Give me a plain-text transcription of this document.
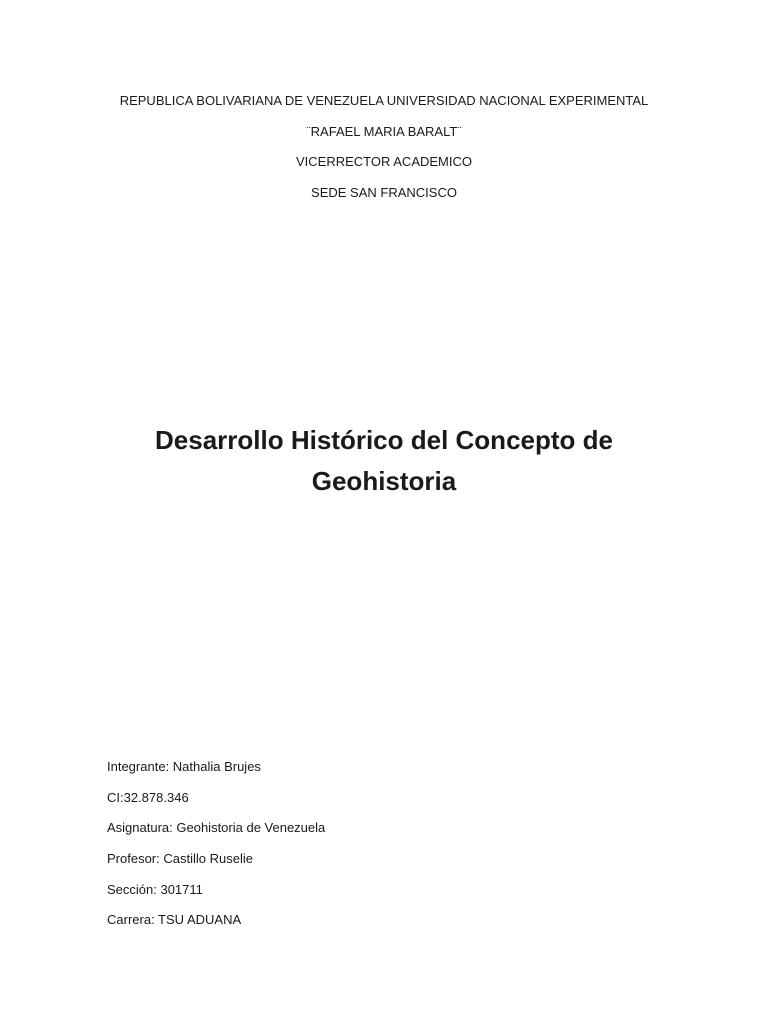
REPUBLICA BOLIVARIANA DE VENEZUELA UNIVERSIDAD NACIONAL EXPERIMENTAL
¨RAFAEL MARIA BARALT¨
VICERRECTOR ACADEMICO
SEDE SAN FRANCISCO
Desarrollo Histórico del Concepto de
Geohistoria
Integrante: Nathalia Brujes
CI:32.878.346
Asignatura: Geohistoria de Venezuela
Profesor: Castillo Ruselie
Sección: 301711
Carrera: TSU ADUANA
